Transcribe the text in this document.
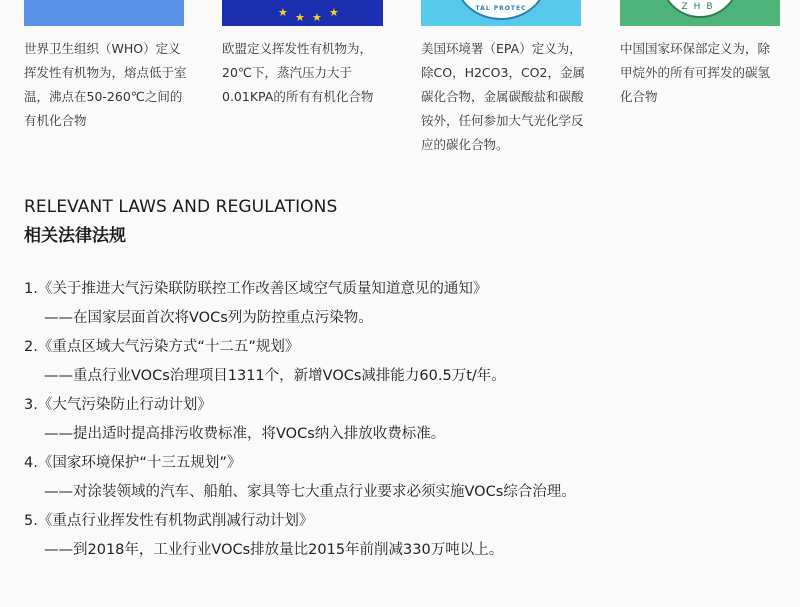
★ ★ ★ ★	TAL PROTEC	ZHB
世界卫生组织（WHO）定义挥发性有机物为，熔点低于室温，沸点在50-260℃之间的有机化合物
欧盟定义挥发性有机物为，20℃下，蒸汽压力大于0.01KPA的所有有机化合物
美国环境署（EPA）定义为，除CO，H2CO3，CO2，金属碳化合物，金属碳酸盐和碳酸铵外，任何参加大气光化学反应的碳化合物。
中国国家环保部定义为，除甲烷外的所有可挥发的碳氢化合物
RELEVANT LAWS AND REGULATIONS
相关法律法规
1.《关于推进大气污染联防联控工作改善区域空气质量知道意见的通知》
——在国家层面首次将VOCs列为防控重点污染物。
2.《重点区域大气污染方式“十二五”规划》
——重点行业VOCs治理项目1311个，新增VOCs减排能力60.5万t/年。
3.《大气污染防止行动计划》
——提出适时提高排污收费标准，将VOCs纳入排放收费标准。
4.《国家环境保护“十三五规划”》
——对涂装领域的汽车、船舶、家具等七大重点行业要求必须实施VOCs综合治理。
5.《重点行业挥发性有机物武削减行动计划》
——到2018年，工业行业VOCs排放量比2015年前削减330万吨以上。
